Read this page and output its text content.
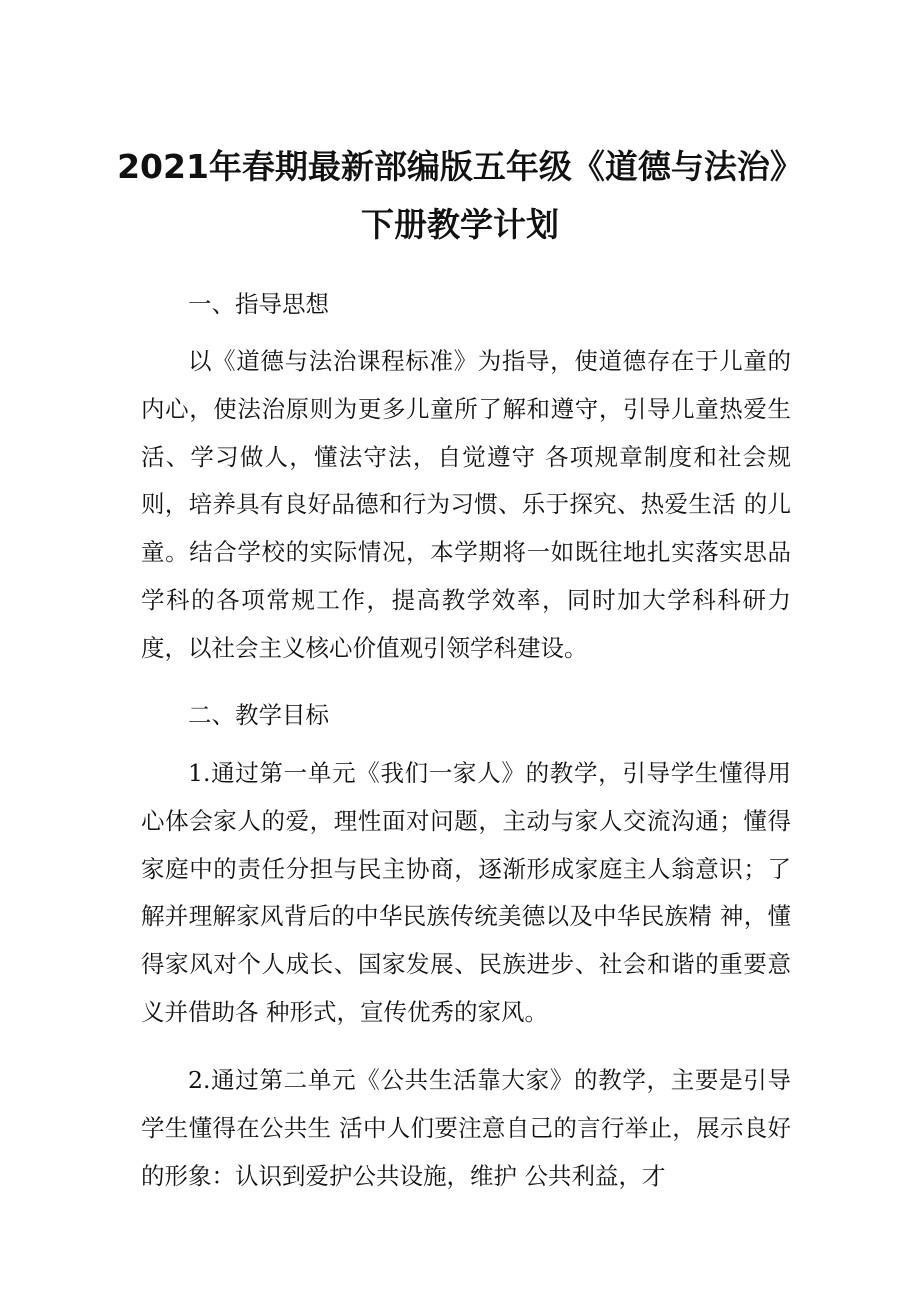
2021年春期最新部编版五年级《道德与法治》
下册教学计划
一、指导思想

以《道德与法治课程标准》为指导，使道德存在于儿童的内心，使法治原则为更多儿童所了解和遵守，引导儿童热爱生活、学习做人，懂法守法，自觉遵守 各项规章制度和社会规则，培养具有良好品德和行为习惯、乐于探究、热爱生活 的儿童。结合学校的实际情况，本学期将一如既往地扎实落实思品学科的各项常规工作，提高教学效率，同时加大学科科研力度，以社会主义核心价值观引领学科建设。

二、教学目标

1.通过第一单元《我们一家人》的教学，引导学生懂得用心体会家人的爱，理性面对问题，主动与家人交流沟通；懂得家庭中的责任分担与民主协商，逐渐形成家庭主人翁意识；了解并理解家风背后的中华民族传统美德以及中华民族精 神，懂得家风对个人成长、国家发展、民族进步、社会和谐的重要意义并借助各 种形式，宣传优秀的家风。

2.通过第二单元《公共生活靠大家》的教学，主要是引导学生懂得在公共生 活中人们要注意自己的言行举止，展示良好的形象：认识到爱护公共设施，维护 公共利益，才
